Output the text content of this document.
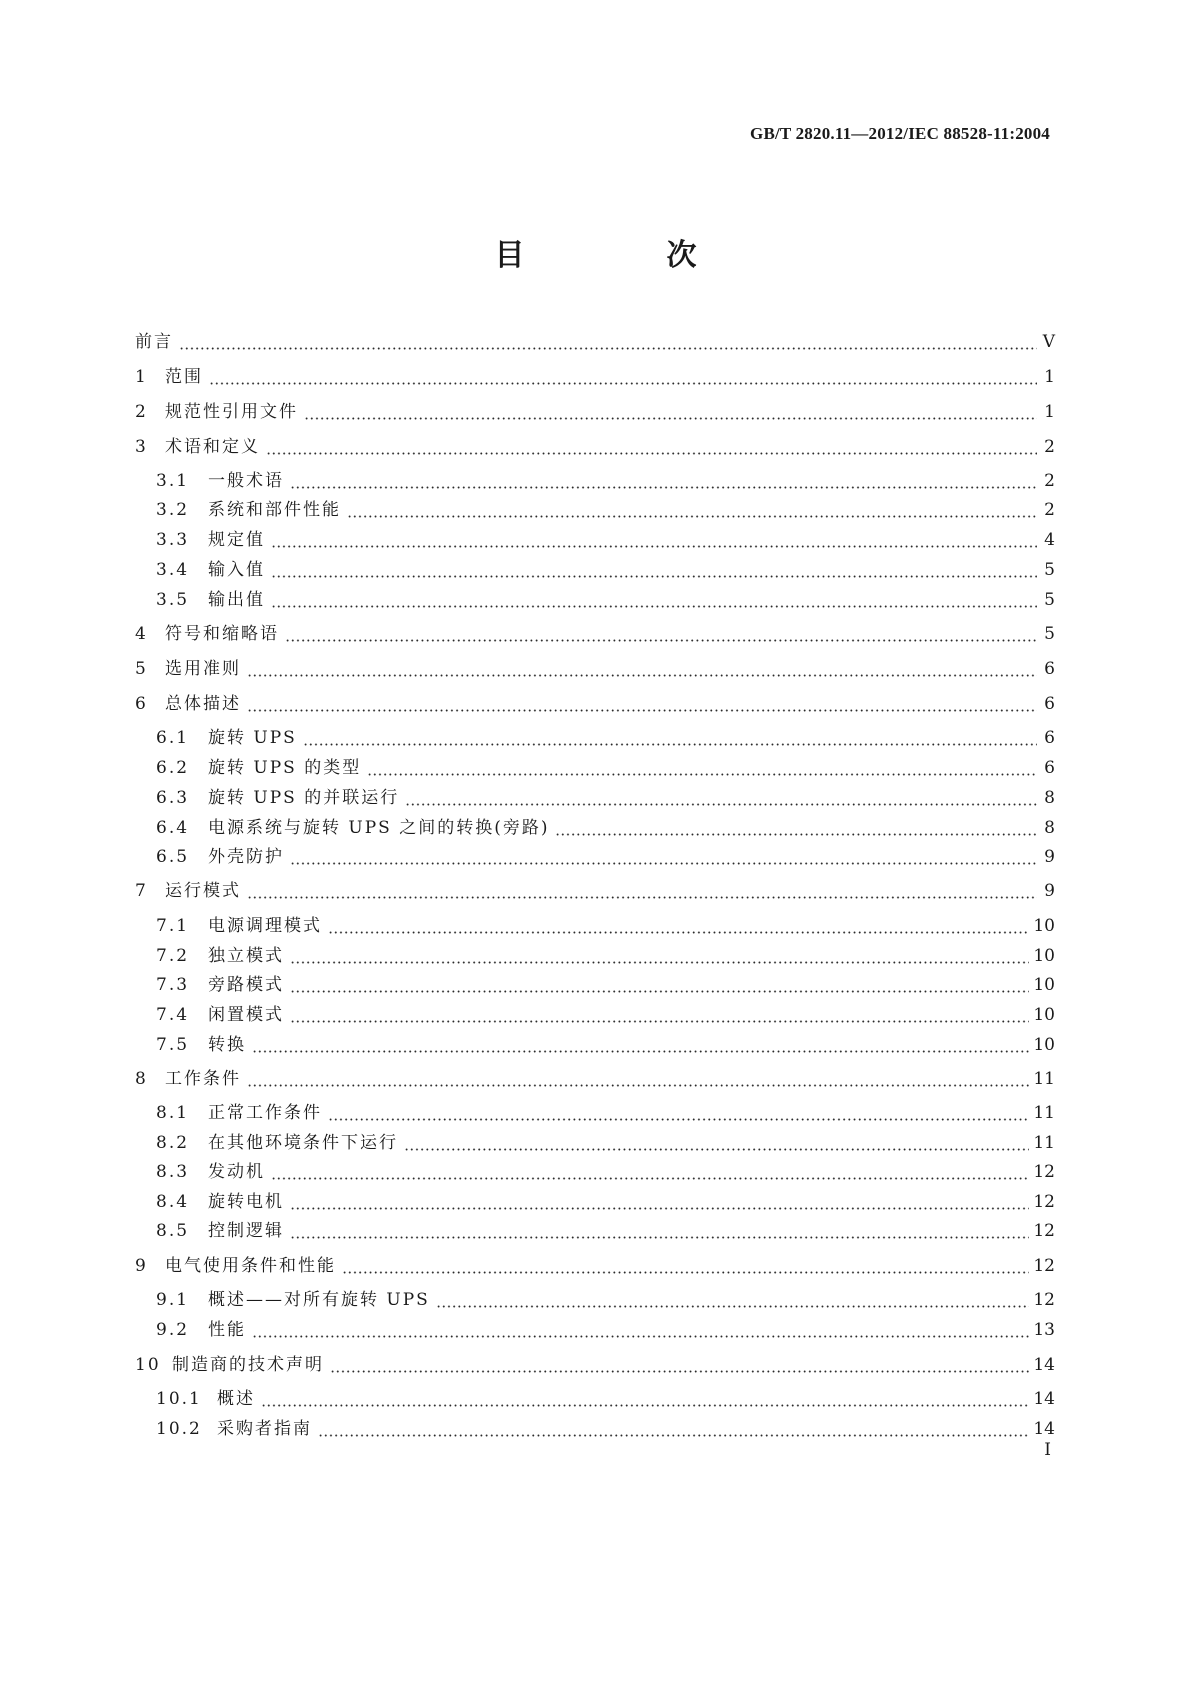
GB/T 2820.11—2012/IEC 88528-11:2004
目　次
前言	V
1	范围	1
2	规范性引用文件	1
3	术语和定义	2
3.1	一般术语	2
3.2	系统和部件性能	2
3.3	规定值	4
3.4	输入值	5
3.5	输出值	5
4	符号和缩略语	5
5	选用准则	6
6	总体描述	6
6.1	旋转 UPS	6
6.2	旋转 UPS 的类型	6
6.3	旋转 UPS 的并联运行	8
6.4	电源系统与旋转 UPS 之间的转换(旁路)	8
6.5	外壳防护	9
7	运行模式	9
7.1	电源调理模式	10
7.2	独立模式	10
7.3	旁路模式	10
7.4	闲置模式	10
7.5	转换	10
8	工作条件	11
8.1	正常工作条件	11
8.2	在其他环境条件下运行	11
8.3	发动机	12
8.4	旋转电机	12
8.5	控制逻辑	12
9	电气使用条件和性能	12
9.1	概述——对所有旋转 UPS	12
9.2	性能	13
10 制造商的技术声明	14
10.1 概述	14
10.2 采购者指南	14
I
